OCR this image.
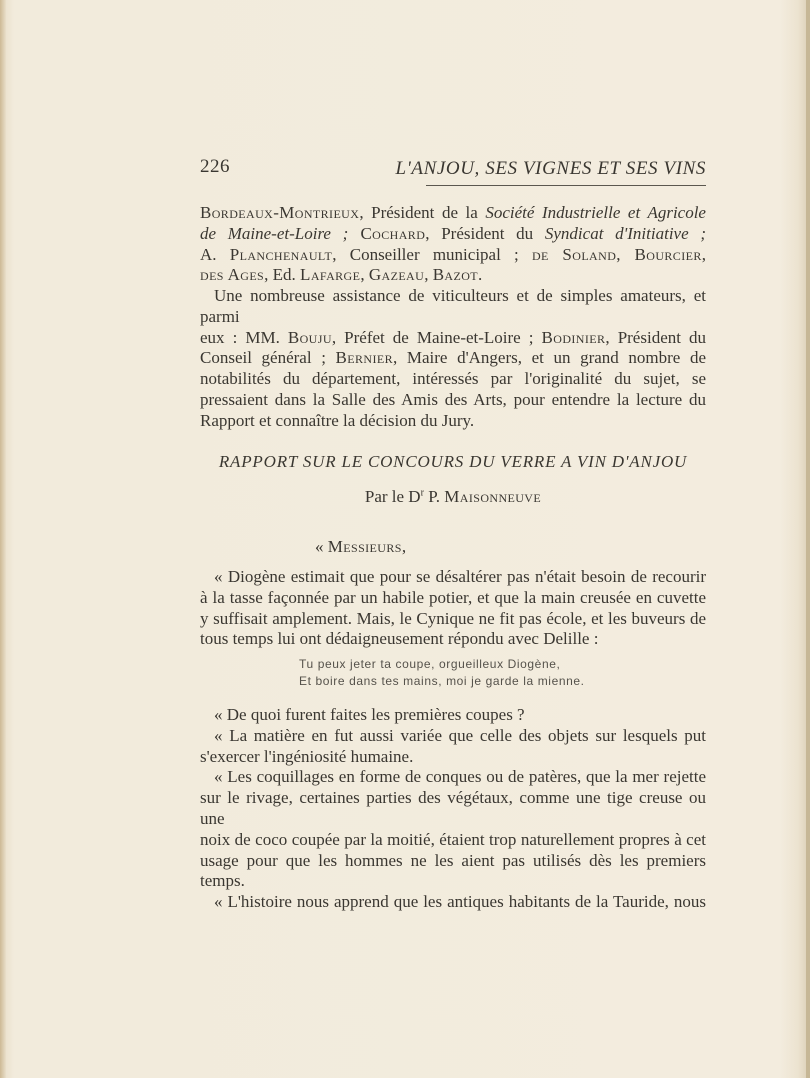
226	L'ANJOU, SES VIGNES ET SES VINS

Bordeaux-Montrieux, Président de la Société Industrielle et Agricole

de Maine-et-Loire ; Cochard, Président du Syndicat d'Initiative ;

A. Planchenault, Conseiller municipal ; de Soland, Bourcier,

des Ages, Ed. Lafarge, Gazeau, Bazot.

Une nombreuse assistance de viticulteurs et de simples amateurs, et parmi

eux : MM. Bouju, Préfet de Maine-et-Loire ; Bodinier, Président du

Conseil général ; Bernier, Maire d'Angers, et un grand nombre de

notabilités du département, intéressés par l'originalité du sujet, se

pressaient dans la Salle des Amis des Arts, pour entendre la lecture du

Rapport et connaître la décision du Jury.

RAPPORT SUR LE CONCOURS DU VERRE A VIN D'ANJOU

Par le $D^r$ P. Maisonneuve

« Messieurs,

« Diogène estimait que pour se désaltérer pas n'était besoin de recourir

à la tasse façonnée par un habile potier, et que la main creusée en cuvette

y suffisait amplement. Mais, le Cynique ne fit pas école, et les buveurs de

tous temps lui ont dédaigneusement répondu avec Delille :

Tu peux jeter ta coupe, orgueilleux Diogène,
Et boire dans tes mains, moi je garde la mienne.

« De quoi furent faites les premières coupes ?

« La matière en fut aussi variée que celle des objets sur lesquels put

s'exercer l'ingéniosité humaine.

« Les coquillages en forme de conques ou de patères, que la mer rejette

sur le rivage, certaines parties des végétaux, comme une tige creuse ou une

noix de coco coupée par la moitié, étaient trop naturellement propres à cet

usage pour que les hommes ne les aient pas utilisés dès les premiers temps.

« L'histoire nous apprend que les antiques habitants de la Tauride, nous
